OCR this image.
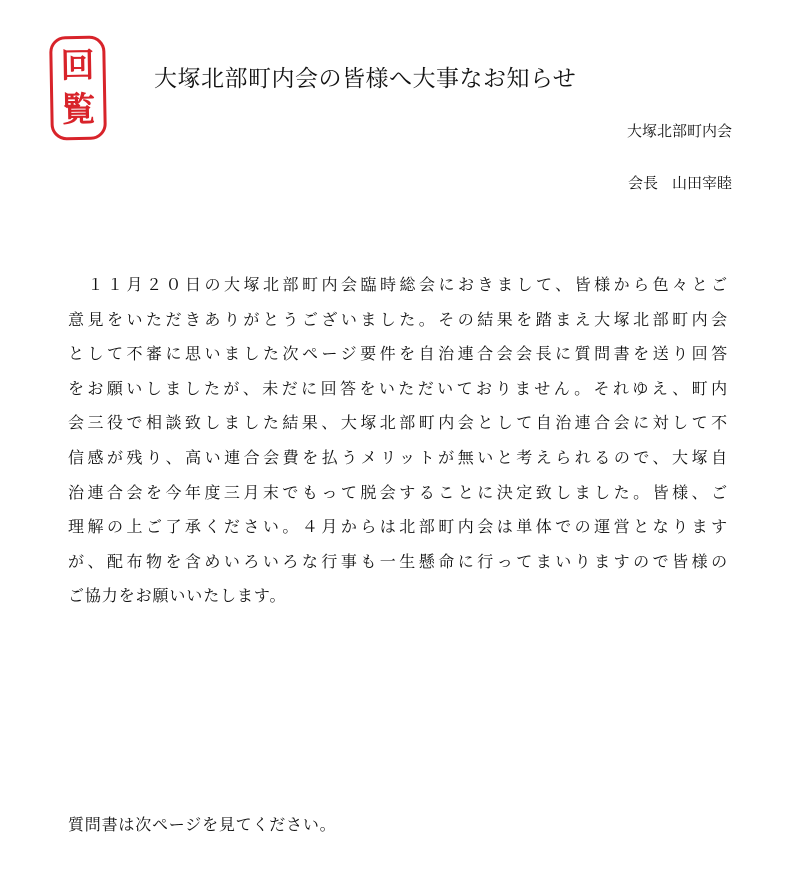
回
覧
大塚北部町内会の皆様へ大事なお知らせ
大塚北部町内会
会長 山田宰睦
　１１月２０日の大塚北部町内会臨時総会におきまして、皆様から色々とご
意見をいただきありがとうございました。その結果を踏まえ大塚北部町内会
として不審に思いました次ページ要件を自治連合会会長に質問書を送り回答
をお願いしましたが、未だに回答をいただいておりません。それゆえ、町内
会三役で相談致しました結果、大塚北部町内会として自治連合会に対して不
信感が残り、高い連合会費を払うメリットが無いと考えられるので、大塚自
治連合会を今年度三月末でもって脱会することに決定致しました。皆様、ご
理解の上ご了承ください。４月からは北部町内会は単体での運営となります
が、配布物を含めいろいろな行事も一生懸命に行ってまいりますので皆様の
ご協力をお願いいたします。
質問書は次ページを見てください。
